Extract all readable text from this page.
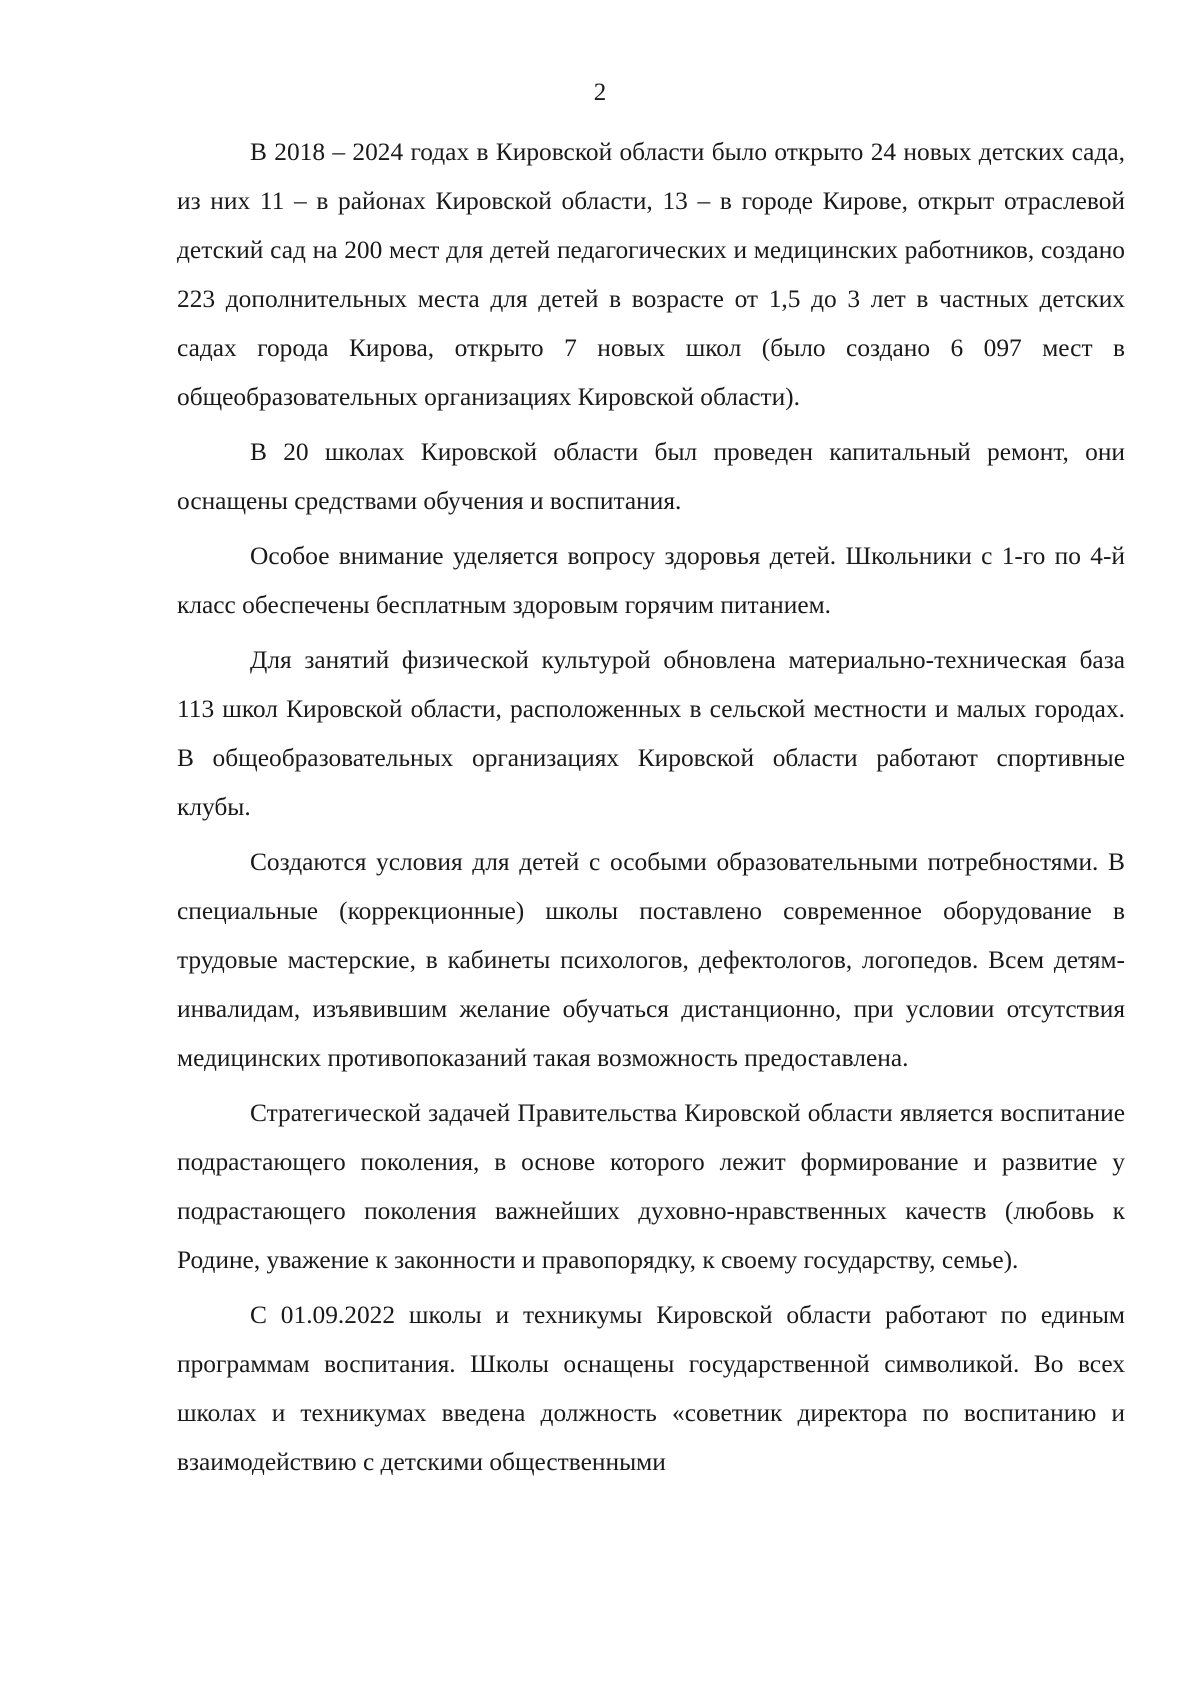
2

В 2018 – 2024 годах в Кировской области было открыто 24 новых детских сада, из них 11 – в районах Кировской области, 13 – в городе Кирове, открыт отраслевой детский сад на 200 мест для детей педагогических и медицинских работников, создано 223 дополнительных места для детей в возрасте от 1,5 до 3 лет в частных детских садах города Кирова, открыто 7 новых школ (было создано 6 097 мест в общеобразовательных организациях Кировской области).

В 20 школах Кировской области был проведен капитальный ремонт, они оснащены средствами обучения и воспитания.

Особое внимание уделяется вопросу здоровья детей. Школьники с 1-го по 4-й класс обеспечены бесплатным здоровым горячим питанием.

Для занятий физической культурой обновлена материально-техническая база 113 школ Кировской области, расположенных в сельской местности и малых городах. В общеобразовательных организациях Кировской области работают спортивные клубы.

Создаются условия для детей с особыми образовательными потребностями. В специальные (коррекционные) школы поставлено современное оборудование в трудовые мастерские, в кабинеты психологов, дефектологов, логопедов. Всем детям-инвалидам, изъявившим желание обучаться дистанционно, при условии отсутствия медицинских противопоказаний такая возможность предоставлена.

Стратегической задачей Правительства Кировской области является воспитание подрастающего поколения, в основе которого лежит формирование и развитие у подрастающего поколения важнейших духовно-нравственных качеств (любовь к Родине, уважение к законности и правопорядку, к своему государству, семье).

С 01.09.2022 школы и техникумы Кировской области работают по единым программам воспитания. Школы оснащены государственной символикой. Во всех школах и техникумах введена должность «советник директора по воспитанию и взаимодействию с детскими общественными
